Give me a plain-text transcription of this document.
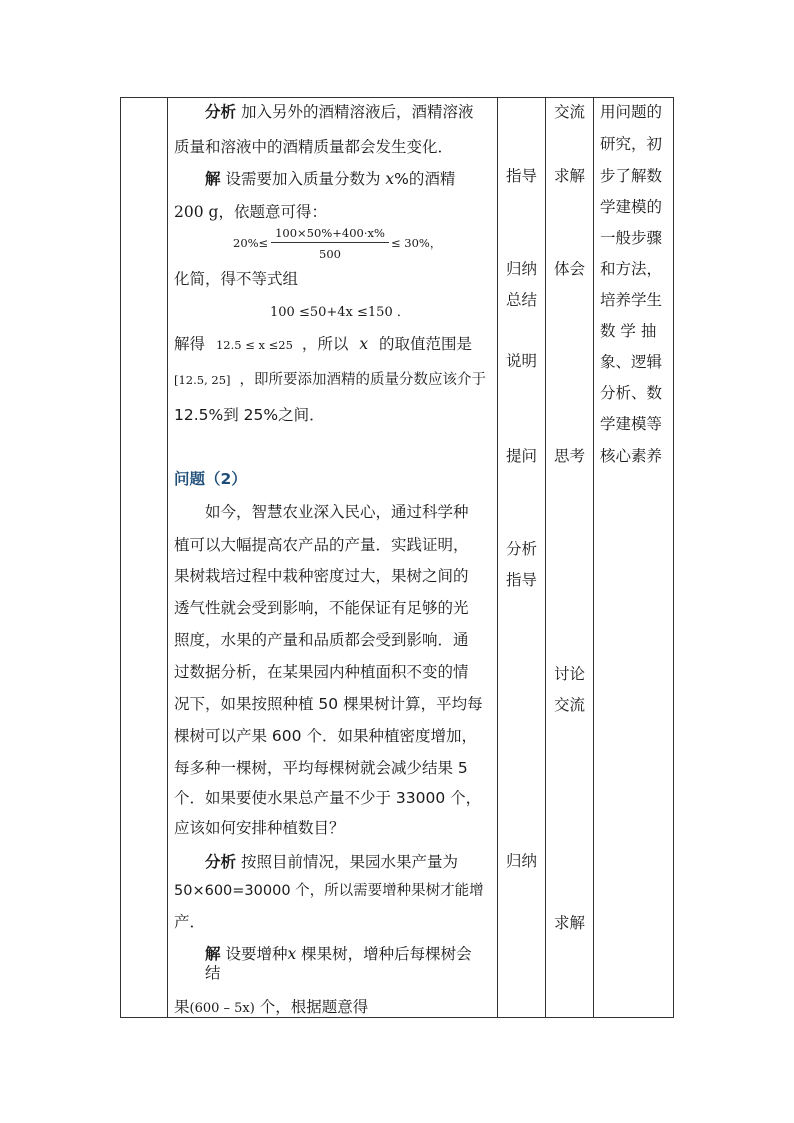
分析 加入另外的酒精溶液后，酒精溶液
质量和溶液中的酒精质量都会发生变化．
解 设需要加入质量分数为 x%的酒精
200 g，依题意可得：
20%≤
100×50%+400·x%
500
≤ 30%，
化简，得不等式组
100 ≤50+4x ≤150 ．
解得 12.5 ≤ x ≤25 ，所以 x 的取值范围是
[12.5, 25] ，即所要添加酒精的质量分数应该介于
12.5%到 25%之间．
问题（2）
如今，智慧农业深入民心，通过科学种
植可以大幅提高农产品的产量．实践证明，
果树栽培过程中栽种密度过大，果树之间的
透气性就会受到影响，不能保证有足够的光
照度，水果的产量和品质都会受到影响．通
过数据分析，在某果园内种植面积不变的情
况下，如果按照种植 50 棵果树计算，平均每
棵树可以产果 600 个．如果种植密度增加，
每多种一棵树，平均每棵树就会减少结果 5
个．如果要使水果总产量不少于 33000 个，
应该如何安排种植数目？
分析 按照目前情况，果园水果产量为
50×600=30000 个，所以需要增种果树才能增
产．
解 设要增种x 棵果树，增种后每棵树会
结
果(600 – 5x) 个，根据题意得
指导
归纳
总结
说明
提问
分析
指导
归纳
交流
求解
体会
思考
讨论
交流
求解
用问题的
研究，初
步了解数
学建模的
一般步骤
和方法，
培养学生
数 学 抽
象、逻辑
分析、数
学建模等
核心素养
